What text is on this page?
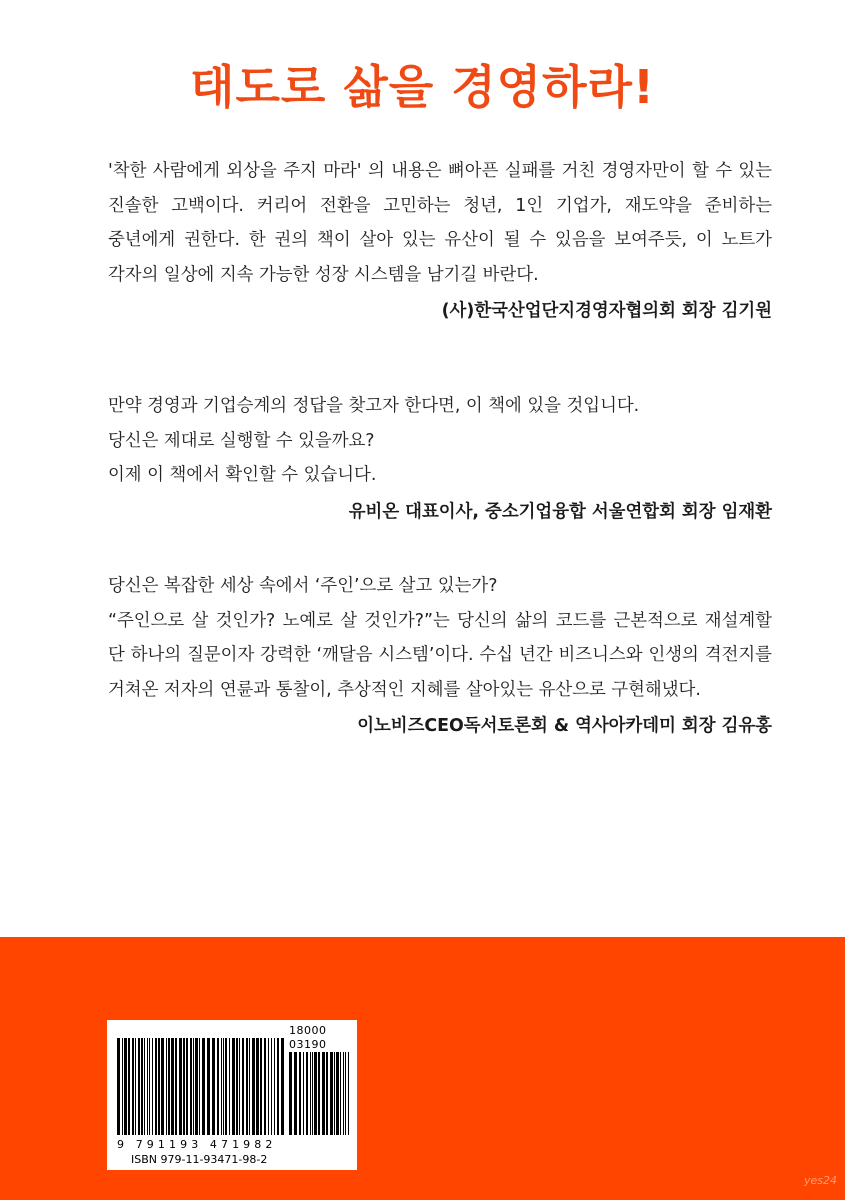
태도로 삶을 경영하라!

'착한 사람에게 외상을 주지 마라' 의 내용은 뼈아픈 실패를 거친 경영자만이 할 수 있는 진솔한 고백이다. 커리어 전환을 고민하는 청년, 1인 기업가, 재도약을 준비하는 중년에게 권한다. 한 권의 책이 살아 있는 유산이 될 수 있음을 보여주듯, 이 노트가 각자의 일상에 지속 가능한 성장 시스템을 남기길 바란다.

(사)한국산업단지경영자협의회 회장 김기원

만약 경영과 기업승계의 정답을 찾고자 한다면, 이 책에 있을 것입니다.

당신은 제대로 실행할 수 있을까요?

이제 이 책에서 확인할 수 있습니다.

유비온 대표이사, 중소기업융합 서울연합회 회장 임재환

당신은 복잡한 세상 속에서 ‘주인’으로 살고 있는가?

“주인으로 살 것인가? 노예로 살 것인가?”는 당신의 삶의 코드를 근본적으로 재설계할 단 하나의 질문이자 강력한 ‘깨달음 시스템’이다. 수십 년간 비즈니스와 인생의 격전지를 거쳐온 저자의 연륜과 통찰이, 추상적인 지혜를 살아있는 유산으로 구현해냈다.

이노비즈CEO독서토론회 & 역사아카데미 회장 김유홍

18000
03190
9 791193 471982
ISBN 979-11-93471-98-2
yes24
